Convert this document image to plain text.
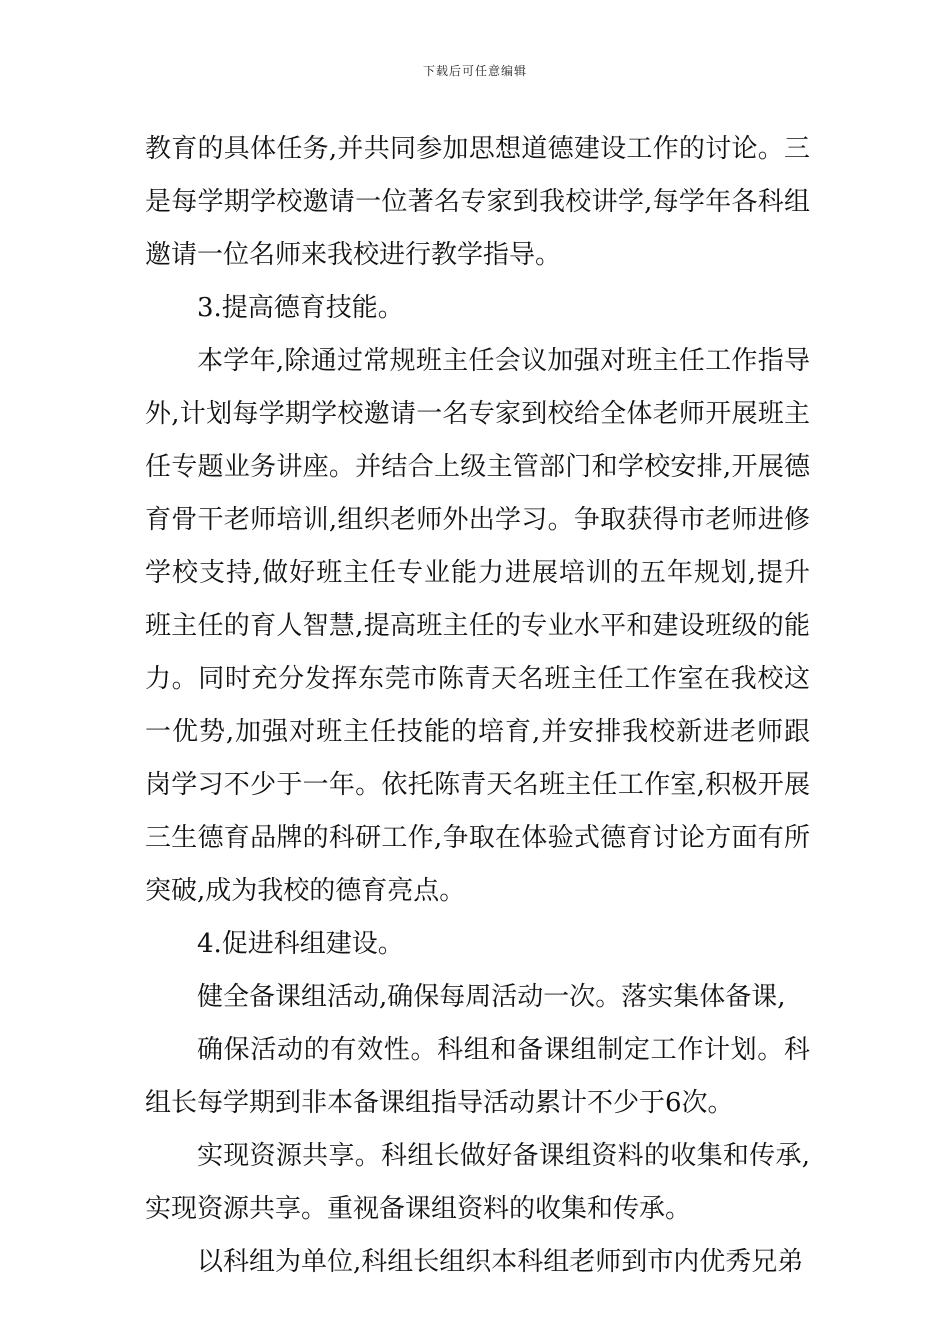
下载后可任意编辑

教育的具体任务,并共同参加思想道德建设工作的讨论。三是每学期学校邀请一位著名专家到我校讲学,每学年各科组邀请一位名师来我校进行教学指导。

3.提高德育技能。

本学年,除通过常规班主任会议加强对班主任工作指导外,计划每学期学校邀请一名专家到校给全体老师开展班主任专题业务讲座。并结合上级主管部门和学校安排,开展德育骨干老师培训,组织老师外出学习。争取获得市老师进修学校支持,做好班主任专业能力进展培训的五年规划,提升班主任的育人智慧,提高班主任的专业水平和建设班级的能力。同时充分发挥东莞市陈青天名班主任工作室在我校这一优势,加强对班主任技能的培育,并安排我校新进老师跟岗学习不少于一年。依托陈青天名班主任工作室,积极开展三生德育品牌的科研工作,争取在体验式德育讨论方面有所突破,成为我校的德育亮点。

4.促进科组建设。

健全备课组活动,确保每周活动一次。落实集体备课,

确保活动的有效性。科组和备课组制定工作计划。科组长每学期到非本备课组指导活动累计不少于6次。

实现资源共享。科组长做好备课组资料的收集和传承,实现资源共享。重视备课组资料的收集和传承。

以科组为单位,科组长组织本科组老师到市内优秀兄弟
